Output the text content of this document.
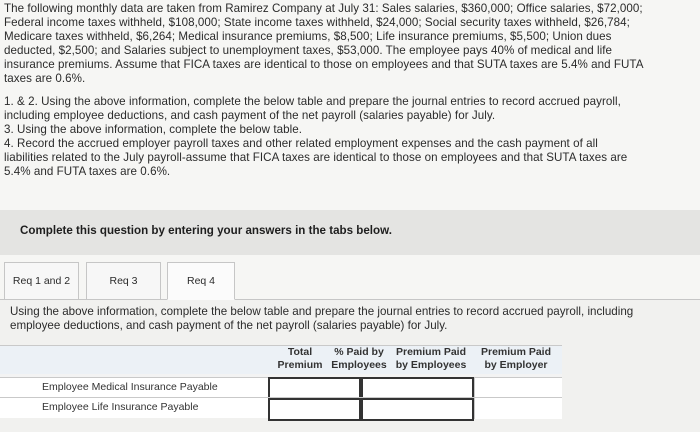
The following monthly data are taken from Ramirez Company at July 31: Sales salaries, $360,000; Office salaries, $72,000;
Federal income taxes withheld, $108,000; State income taxes withheld, $24,000; Social security taxes withheld, $26,784;
Medicare taxes withheld, $6,264; Medical insurance premiums, $8,500; Life insurance premiums, $5,500; Union dues
deducted, $2,500; and Salaries subject to unemployment taxes, $53,000. The employee pays 40% of medical and life
insurance premiums. Assume that FICA taxes are identical to those on employees and that SUTA taxes are 5.4% and FUTA
taxes are 0.6%.
1. & 2. Using the above information, complete the below table and prepare the journal entries to record accrued payroll,
including employee deductions, and cash payment of the net payroll (salaries payable) for July.
3. Using the above information, complete the below table.
4. Record the accrued employer payroll taxes and other related employment expenses and the cash payment of all
liabilities related to the July payroll-assume that FICA taxes are identical to those on employees and that SUTA taxes are
5.4% and FUTA taxes are 0.6%.
Complete this question by entering your answers in the tabs below.
Req 1 and 2	Req 3	Req 4
Using the above information, complete the below table and prepare the journal entries to record accrued payroll, including
employee deductions, and cash payment of the net payroll (salaries payable) for July.
Total
Premium
% Paid by
Employees
Premium Paid
by Employees
Premium Paid
by Employer
Employee Medical Insurance Payable
Employee Life Insurance Payable
